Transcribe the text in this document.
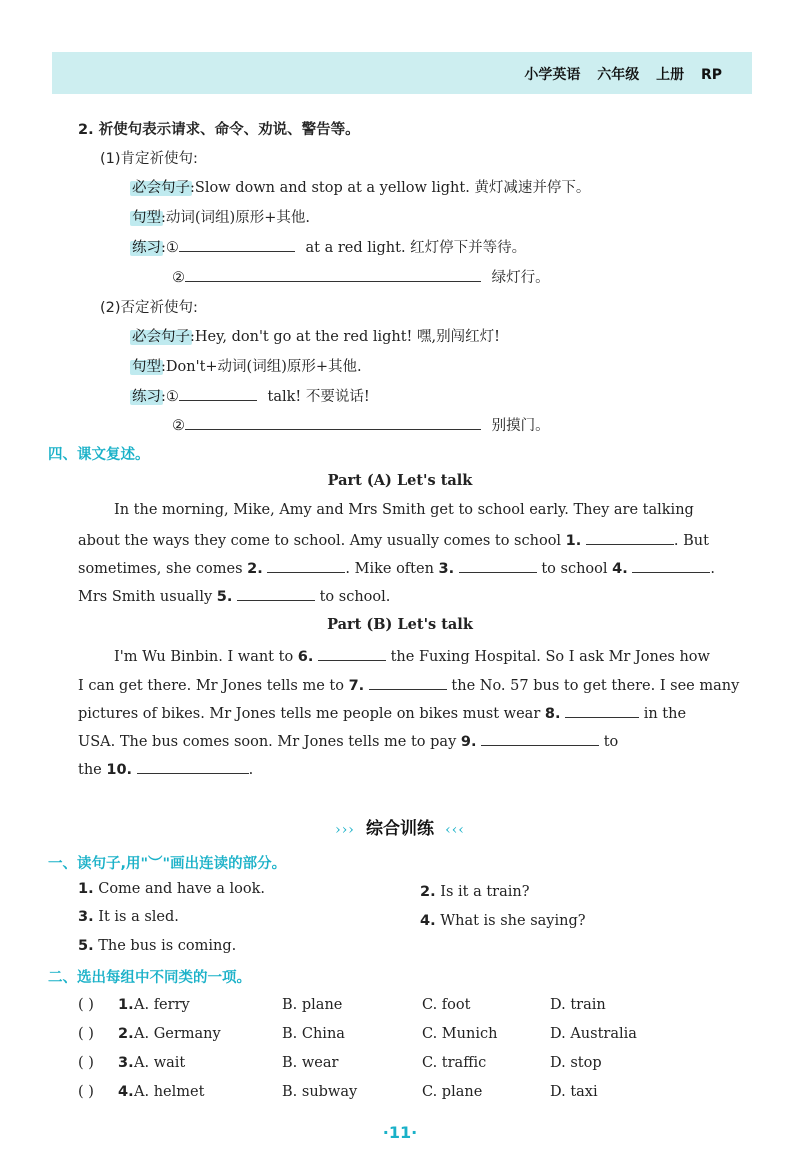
小学英语 六年级 上册 RP
2. 祈使句表示请求、命令、劝说、警告等。
(1)肯定祈使句:
必会句子:Slow down and stop at a yellow light. 黄灯减速并停下。
句型:动词(词组)原形+其他.
练习:①	at a red light. 红灯停下并等待。
②	绿灯行。
(2)否定祈使句:
必会句子:Hey, don't go at the red light! 嘿,别闯红灯!
句型:Don't+动词(词组)原形+其他.
练习:①	talk! 不要说话!
②	别摸门。
四、课文复述。
Part (A) Let's talk
In the morning, Mike, Amy and Mrs Smith get to school early. They are talking
about the ways they come to school. Amy usually comes to school 1.	. But
sometimes, she comes 2.	. Mike often 3.	to school 4.	.
Mrs Smith usually 5.	to school.
Part (B) Let's talk
I'm Wu Binbin. I want to 6.	the Fuxing Hospital. So I ask Mr Jones how
I can get there. Mr Jones tells me to 7.	the No. 57 bus to get there. I see many
pictures of bikes. Mr Jones tells me people on bikes must wear 8.	in the
USA. The bus comes soon. Mr Jones tells me to pay 9.	to
the 10.	.
››› 综合训练 ‹‹‹
一、读句子,用"︶"画出连读的部分。
1. Come and have a look.	2. Is it a train?
3. It is a sled.	4. What is she saying?
5. The bus is coming.
二、选出每组中不同类的一项。
( ) 1. A. ferry	B. plane	C. foot	D. train
( ) 2. A. Germany	B. China	C. Munich	D. Australia
( ) 3. A. wait	B. wear	C. traffic	D. stop
( ) 4. A. helmet	B. subway	C. plane	D. taxi
·11·
